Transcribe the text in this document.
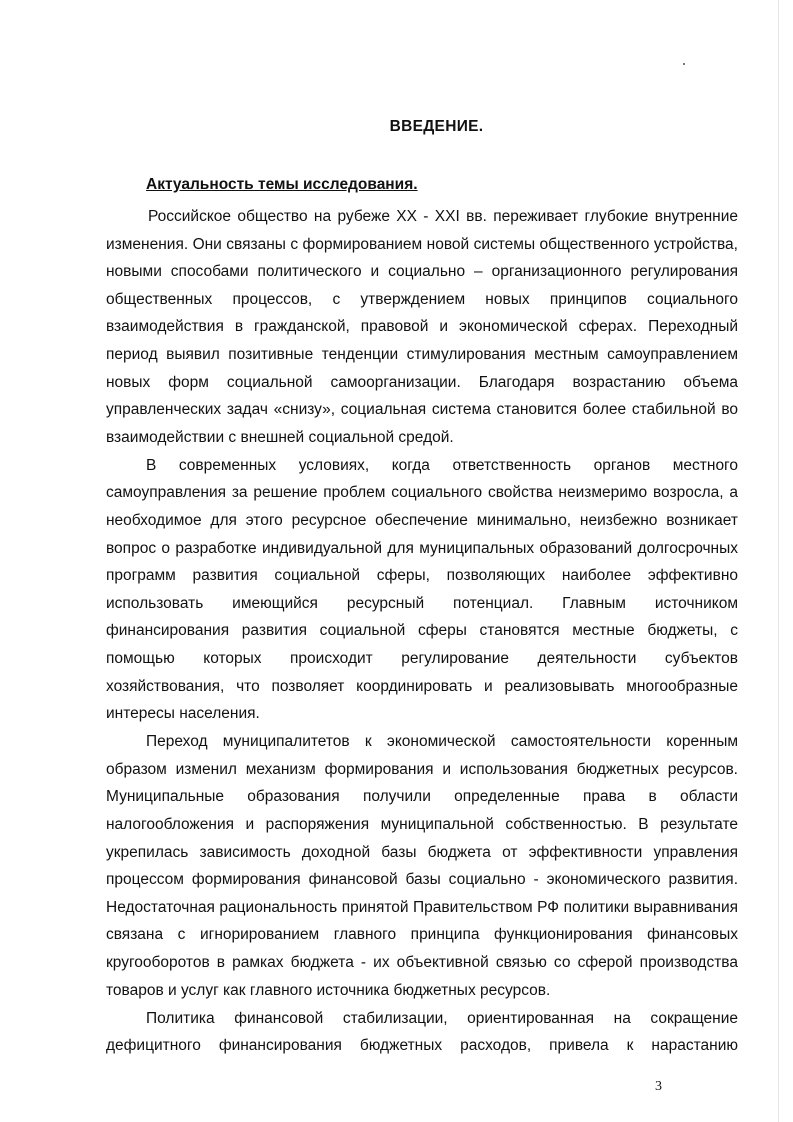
ВВЕДЕНИЕ.
Актуальность темы исследования.

Российское общество на рубеже XX - XXI вв. переживает глубокие внутренние изменения. Они связаны с формированием новой системы общественного устройства, новыми способами политического и социально – организационного регулирования общественных процессов, с утверждением новых принципов социального взаимодействия в гражданской, правовой и экономической сферах. Переходный период выявил позитивные тенденции стимулирования местным самоуправлением новых форм социальной самоорганизации. Благодаря возрастанию объема управленческих задач «снизу», социальная система становится более стабильной во взаимодействии с внешней социальной средой.

В современных условиях, когда ответственность органов местного самоуправления за решение проблем социального свойства неизмеримо возросла, а необходимое для этого ресурсное обеспечение минимально, неизбежно возникает вопрос о разработке индивидуальной для муниципальных образований долгосрочных программ развития социальной сферы, позволяющих наиболее эффективно использовать имеющийся ресурсный потенциал. Главным источником финансирования развития социальной сферы становятся местные бюджеты, с помощью которых происходит регулирование деятельности субъектов хозяйствования, что позволяет координировать и реализовывать многообразные интересы населения.

Переход муниципалитетов к экономической самостоятельности коренным образом изменил механизм формирования и использования бюджетных ресурсов. Муниципальные образования получили определенные права в области налогообложения и распоряжения муниципальной собственностью. В результате укрепилась зависимость доходной базы бюджета от эффективности управления процессом формирования финансовой базы социально - экономического развития. Недостаточная рациональность принятой Правительством РФ политики выравнивания связана с игнорированием главного принципа функционирования финансовых кругооборотов в рамках бюджета - их объективной связью со сферой производства товаров и услуг как главного источника бюджетных ресурсов.

Политика финансовой стабилизации, ориентированная на сокращение дефицитного финансирования бюджетных расходов, привела к нарастанию

3
